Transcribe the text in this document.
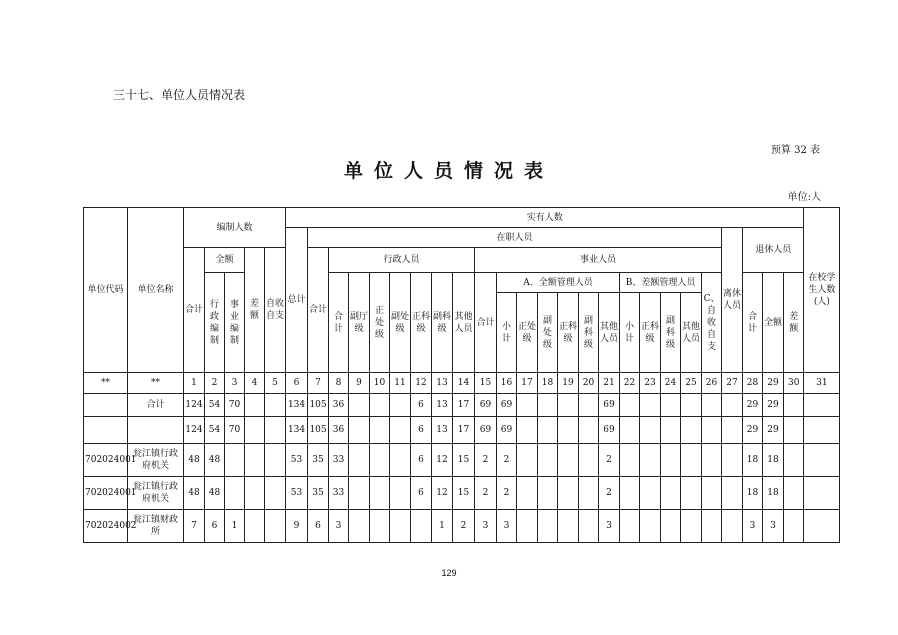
三十七、单位人员情况表
预算 32 表
单位人员情况表
单位:人
单位代码	单位名称	编制人数					实有人数																									在校学生人数(人)
							总计	在职人员																				离休人员	退休人员			
		合计	全额		差额	自收自支		合计	行政人员							事业人员																
			行政编制	事业编制					合计	副厅级	正处级	副处级	正科级	副科级	其他人员	合计	A、全额管理人员						B、差额管理人员				C、自收自支		合计	全额	差额	
																	小计	正处级	副处级	正科级	副科级	其他人员	小计	正科级	副科级	其他人员						

**	**	1	2	3	4	5	6	7	8	9	10	11	12	13	14	15	16	17	18	19	20	21	22	23	24	25	26	27	28	29	30	31
	合计	124	54	70			134	105	36				6	13	17	69	69					69							29	29		
		124	54	70			134	105	36				6	13	17	69	69					69							29	29		
702024001	瓮江镇行政府机关	48	48				53	35	33				6	12	15	2	2					2							18	18		
702024001	瓮江镇行政府机关	48	48				53	35	33				6	12	15	2	2					2							18	18		
702024002	瓮江镇财政所	7	6	1			9	6	3					1	2	3	3					3							3	3		
129
